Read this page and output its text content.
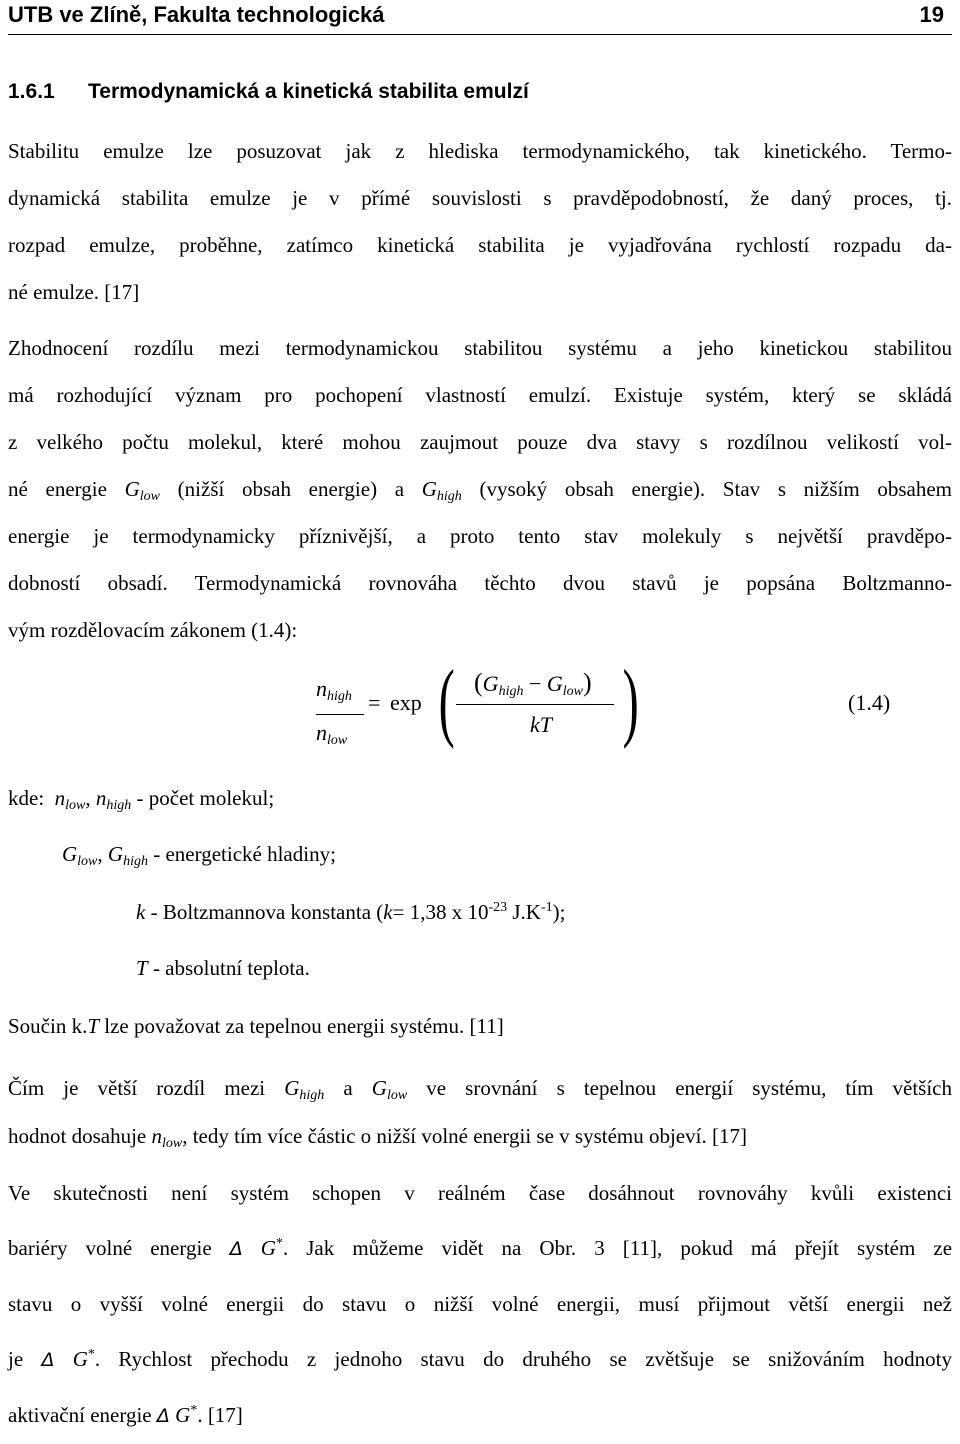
UTB ve Zlíně, Fakulta technologická	19
1.6.1 Termodynamická a kinetická stabilita emulzí
Stabilitu emulze lze posuzovat jak z hlediska termodynamického, tak kinetického. Termo-
dynamická stabilita emulze je v přímé souvislosti s pravděpodobností, že daný proces, tj.
rozpad emulze, proběhne, zatímco kinetická stabilita je vyjadřována rychlostí rozpadu da-
né emulze. [17]
Zhodnocení rozdílu mezi termodynamickou stabilitou systému a jeho kinetickou stabilitou
má rozhodující význam pro pochopení vlastností emulzí. Existuje systém, který se skládá
z velkého počtu molekul, které mohou zaujmout pouze dva stavy s rozdílnou velikostí vol-
né energie $G_{low}$ (nižší obsah energie) a $G_{high}$ (vysoký obsah energie). Stav s nižším obsahem
energie je termodynamicky příznivější, a proto tento stav molekuly s největší pravděpo-
dobností obsadí. Termodynamická rovnováha těchto dvou stavů je popsána Boltzmanno-
vým rozdělovacím zákonem (1.4):
$n_{high}$
$n_{low}$
= exp ( $(G_{high} - G_{low})$
kT )	(1.4)
kde: $n_{low}$, $n_{high}$ - počet molekul;
$G_{low}$, $G_{high}$ - energetické hladiny;
k - Boltzmannova konstanta (k= 1,38 x $10^{-23}$ $J.K^{-1}$);
T - absolutní teplota.
Součin k.T lze považovat za tepelnou energii systému. [11]
Čím je větší rozdíl mezi $G_{high}$ a $G_{low}$ ve srovnání s tepelnou energií systému, tím větších
hodnot dosahuje $n_{low}$, tedy tím více částic o nižší volné energii se v systému objeví. [17]
Ve skutečnosti není systém schopen v reálném čase dosáhnout rovnováhy kvůli existenci
bariéry volné energie Δ G*. Jak můžeme vidět na Obr. 3 [11], pokud má přejít systém ze
stavu o vyšší volné energii do stavu o nižší volné energii, musí přijmout větší energii než
je Δ G*. Rychlost přechodu z jednoho stavu do druhého se zvětšuje se snižováním hodnoty
aktivační energie Δ G*. [17]
